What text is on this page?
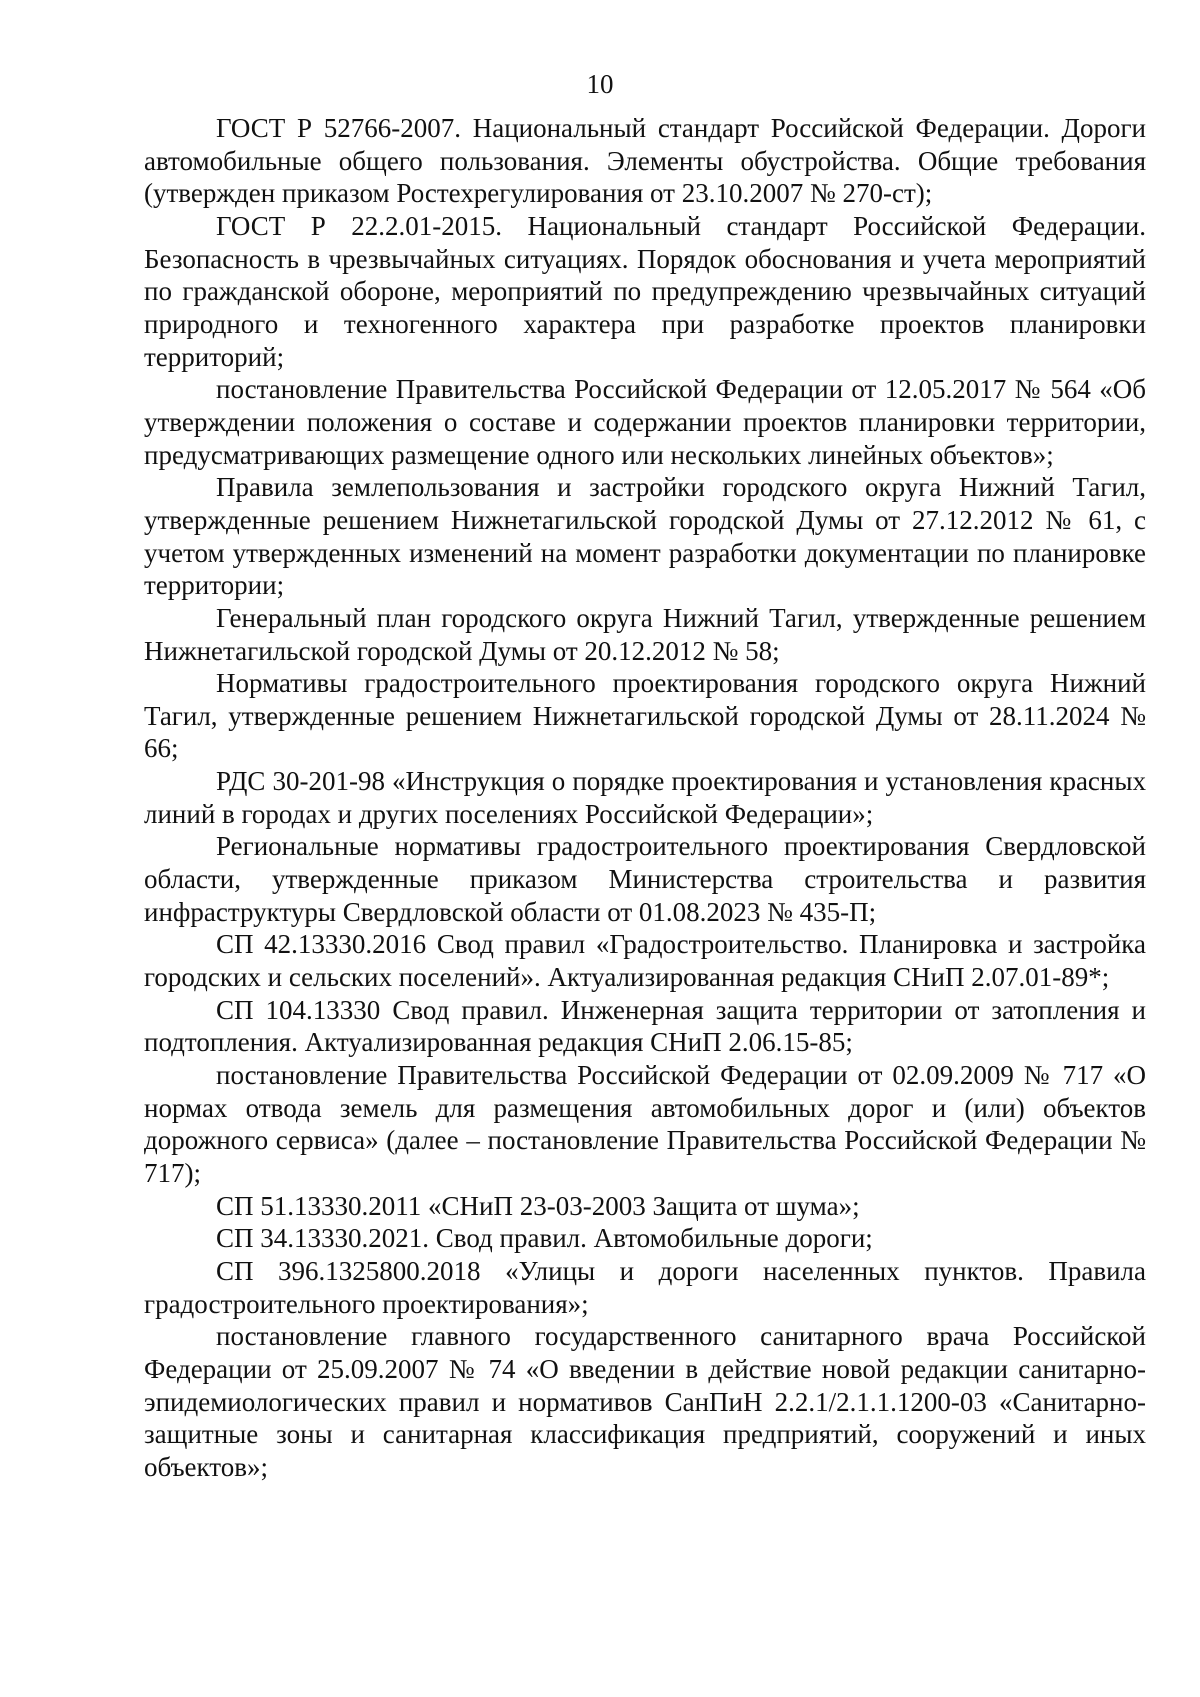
10

ГОСТ Р 52766-2007. Национальный стандарт Российской Федерации. Дороги автомобильные общего пользования. Элементы обустройства. Общие требования (утвержден приказом Ростехрегулирования от 23.10.2007 № 270-ст);

ГОСТ Р 22.2.01-2015. Национальный стандарт Российской Федерации. Безопасность в чрезвычайных ситуациях. Порядок обоснования и учета мероприятий по гражданской обороне, мероприятий по предупреждению чрезвычайных ситуаций природного и техногенного характера при разработке проектов планировки территорий;

постановление Правительства Российской Федерации от 12.05.2017 № 564 «Об утверждении положения о составе и содержании проектов планировки территории, предусматривающих размещение одного или нескольких линейных объектов»;

Правила землепользования и застройки городского округа Нижний Тагил, утвержденные решением Нижнетагильской городской Думы от 27.12.2012 № 61, с учетом утвержденных изменений на момент разработки документации по планировке территории;

Генеральный план городского округа Нижний Тагил, утвержденные решением Нижнетагильской городской Думы от 20.12.2012 № 58;

Нормативы градостроительного проектирования городского округа Нижний Тагил, утвержденные решением Нижнетагильской городской Думы от 28.11.2024 № 66;

РДС 30-201-98 «Инструкция о порядке проектирования и установления красных линий в городах и других поселениях Российской Федерации»;

Региональные нормативы градостроительного проектирования Свердловской области, утвержденные приказом Министерства строительства и развития инфраструктуры Свердловской области от 01.08.2023 № 435-П;

СП 42.13330.2016 Свод правил «Градостроительство. Планировка и застройка городских и сельских поселений». Актуализированная редакция СНиП 2.07.01-89*;

СП 104.13330 Свод правил. Инженерная защита территории от затопления и подтопления. Актуализированная редакция СНиП 2.06.15-85;

постановление Правительства Российской Федерации от 02.09.2009 № 717 «О нормах отвода земель для размещения автомобильных дорог и (или) объектов дорожного сервиса» (далее – постановление Правительства Российской Федерации № 717);

СП 51.13330.2011 «СНиП 23-03-2003 Защита от шума»;

СП 34.13330.2021. Свод правил. Автомобильные дороги;

СП 396.1325800.2018 «Улицы и дороги населенных пунктов. Правила градостроительного проектирования»;

постановление главного государственного санитарного врача Российской Федерации от 25.09.2007 № 74 «О введении в действие новой редакции санитарно-эпидемиологических правил и нормативов СанПиН 2.2.1/2.1.1.1200-03 «Санитарно-защитные зоны и санитарная классификация предприятий, сооружений и иных объектов»;
